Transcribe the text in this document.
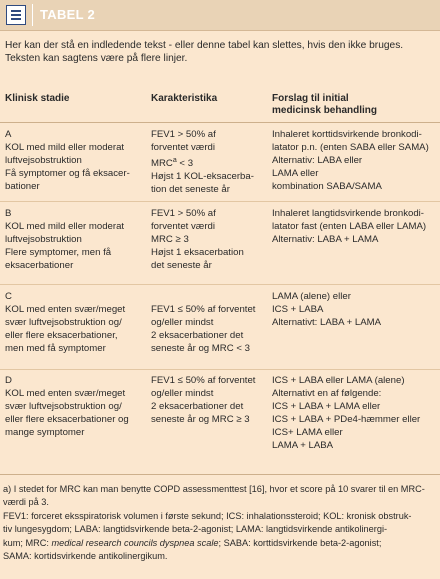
TABEL 2
Her kan der stå en indledende tekst - eller denne tabel kan slettes, hvis den ikke bruges. Teksten kan sagtens være på flere linjer.
Klinisk stadie	Karakteristika	Forslag til initial
medicinsk behandling
A
KOL med mild eller moderat
luftvejsobstruktion
Få symptomer og få eksacer-
bationer
FEV1 > 50% af
forventet værdi
$MRC^a < 3$
Højst 1 KOL-eksacerba-
tion det seneste år
Inhaleret korttidsvirkende bronkodi-
latator p.n. (enten SABA eller SAMA)
Alternativ: LABA eller
LAMA eller
kombination SABA/SAMA
B
KOL med mild eller moderat
luftvejsobstruktion
Flere symptomer, men få
eksacerbationer
FEV1 > 50% af
forventet værdi
MRC ≥ 3
Højst 1 eksacerbation
det seneste år
Inhaleret langtidsvirkende bronkodi-
latator fast (enten LABA eller LAMA)
Alternativ: LABA + LAMA
C
KOL med enten svær/meget
svær luftvejsobstruktion og/
eller flere eksacerbationer,
men med få symptomer
FEV1 ≤ 50% af forventet
og/eller mindst
2 eksacerbationer det
seneste år og MRC < 3
LAMA (alene) eller
ICS + LABA
Alternativt: LABA + LAMA
D
KOL med enten svær/meget
svær luftvejsobstruktion og/
eller flere eksacerbationer og
mange symptomer
FEV1 ≤ 50% af forventet
og/eller mindst
2 eksacerbationer det
seneste år og MRC ≥ 3
ICS + LABA eller LAMA (alene)
Alternativt en af følgende:
ICS + LABA + LAMA eller
ICS + LABA + PDe4-hæmmer eller
ICS+ LAMA eller
LAMA + LABA
a) I stedet for MRC kan man benytte COPD assessmenttest [16], hvor et score på 10 svarer til en MRC-værdi på 3.
FEV1: forceret eksspiratorisk volumen i første sekund; ICS: inhalationssteroid; KOL: kronisk obstruk-
tiv lungesygdom; LABA: langtidsvirkende beta-2-agonist; LAMA: langtidsvirkende antikolinergi-
kum; MRC: medical research councils dyspnea scale; SABA: korttidsvirkende beta-2-agonist;
SAMA: kortidsvirkende antikolinergikum.
